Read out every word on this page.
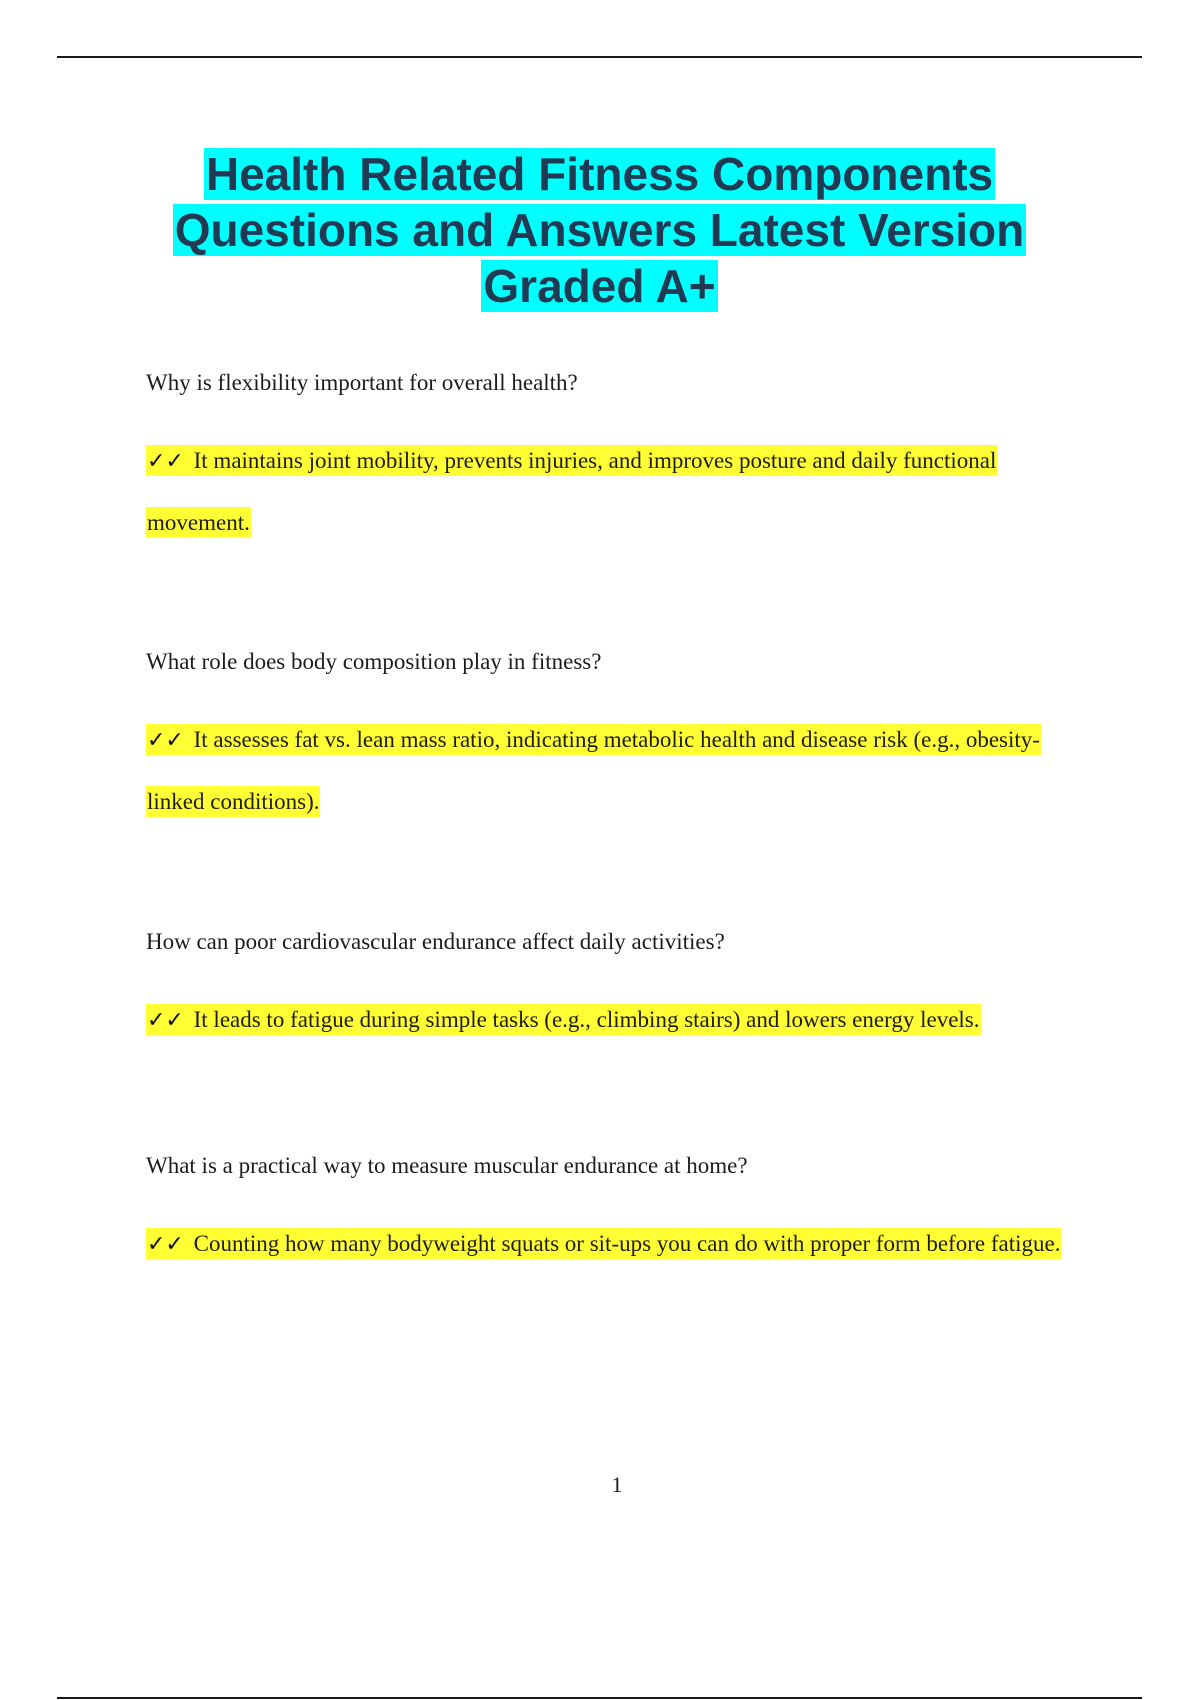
Health Related Fitness Components
Questions and Answers Latest Version
Graded A+

Why is flexibility important for overall health?

✓✓ It maintains joint mobility, prevents injuries, and improves posture and daily functional movement.

What role does body composition play in fitness?

✓✓ It assesses fat vs. lean mass ratio, indicating metabolic health and disease risk (e.g., obesity-linked conditions).

How can poor cardiovascular endurance affect daily activities?

✓✓ It leads to fatigue during simple tasks (e.g., climbing stairs) and lowers energy levels.

What is a practical way to measure muscular endurance at home?

✓✓ Counting how many bodyweight squats or sit-ups you can do with proper form before fatigue.

1
